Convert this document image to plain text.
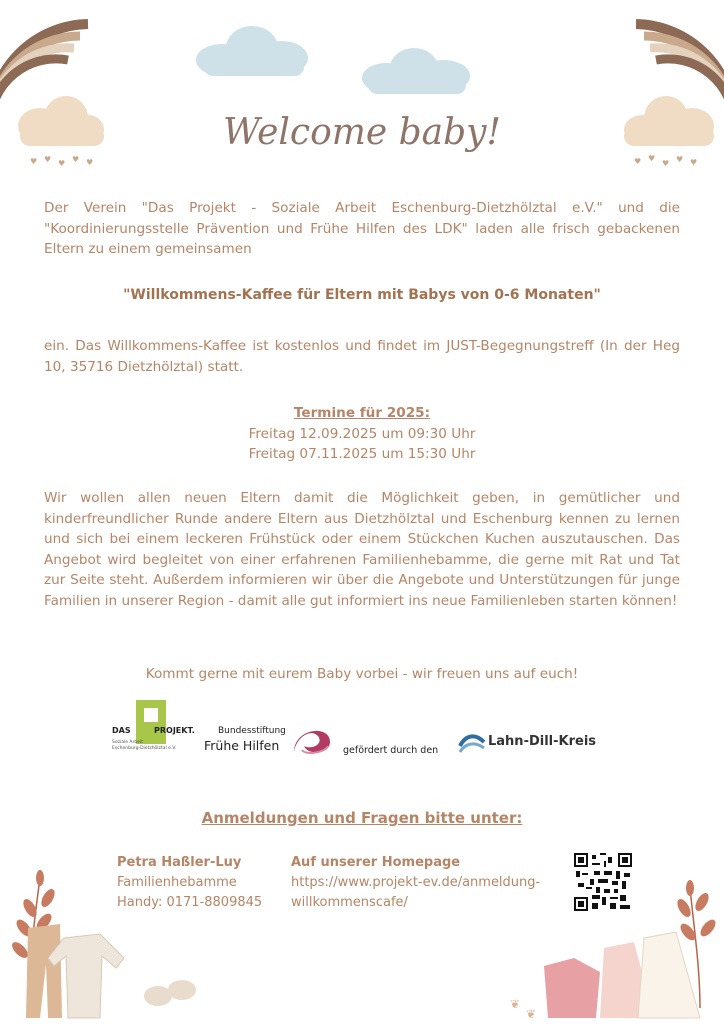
♥ ♥ ♥ ♥ ♥	♥ ♥
♥ ♥ ♥
Welcome baby!
Der Verein "Das Projekt - Soziale Arbeit Eschenburg-Dietzhölztal e.V." und die "Koordinierungsstelle Prävention und Frühe Hilfen des LDK" laden alle frisch gebackenen Eltern zu einem gemeinsamen
"Willkommens-Kaffee für Eltern mit Babys von 0-6 Monaten"
ein. Das Willkommens-Kaffee ist kostenlos und findet im JUST-Begegnungstreff (In der Heg 10, 35716 Dietzhölztal) statt.
Termine für 2025:
Freitag 12.09.2025 um 09:30 Uhr
Freitag 07.11.2025 um 15:30 Uhr
Wir wollen allen neuen Eltern damit die Möglichkeit geben, in gemütlicher und kinderfreundlicher Runde andere Eltern aus Dietzhölztal und Eschenburg kennen zu lernen und sich bei einem leckeren Frühstück oder einem Stückchen Kuchen auszutauschen. Das Angebot wird begleitet von einer erfahrenen Familienhebamme, die gerne mit Rat und Tat zur Seite steht. Außerdem informieren wir über die Angebote und Unterstützungen für junge Familien in unserer Region - damit alle gut informiert ins neue Familienleben starten können!
Kommt gerne mit eurem Baby vorbei - wir freuen uns auf euch!
DAS	PROJEKT.
Soziale Arbeit
Eschenburg-Dietzhölztal e.V.
Bundesstiftung
Frühe Hilfen	gefördert durch den
Lahn-Dill-Kreis
Anmeldungen und Fragen bitte unter:
Petra Haßler-Luy
Familienhebamme
Handy: 0171-8809845
Auf unserer Homepage
https://www.projekt-ev.de/anmeldung-
willkommenscafe/
❦
❦
